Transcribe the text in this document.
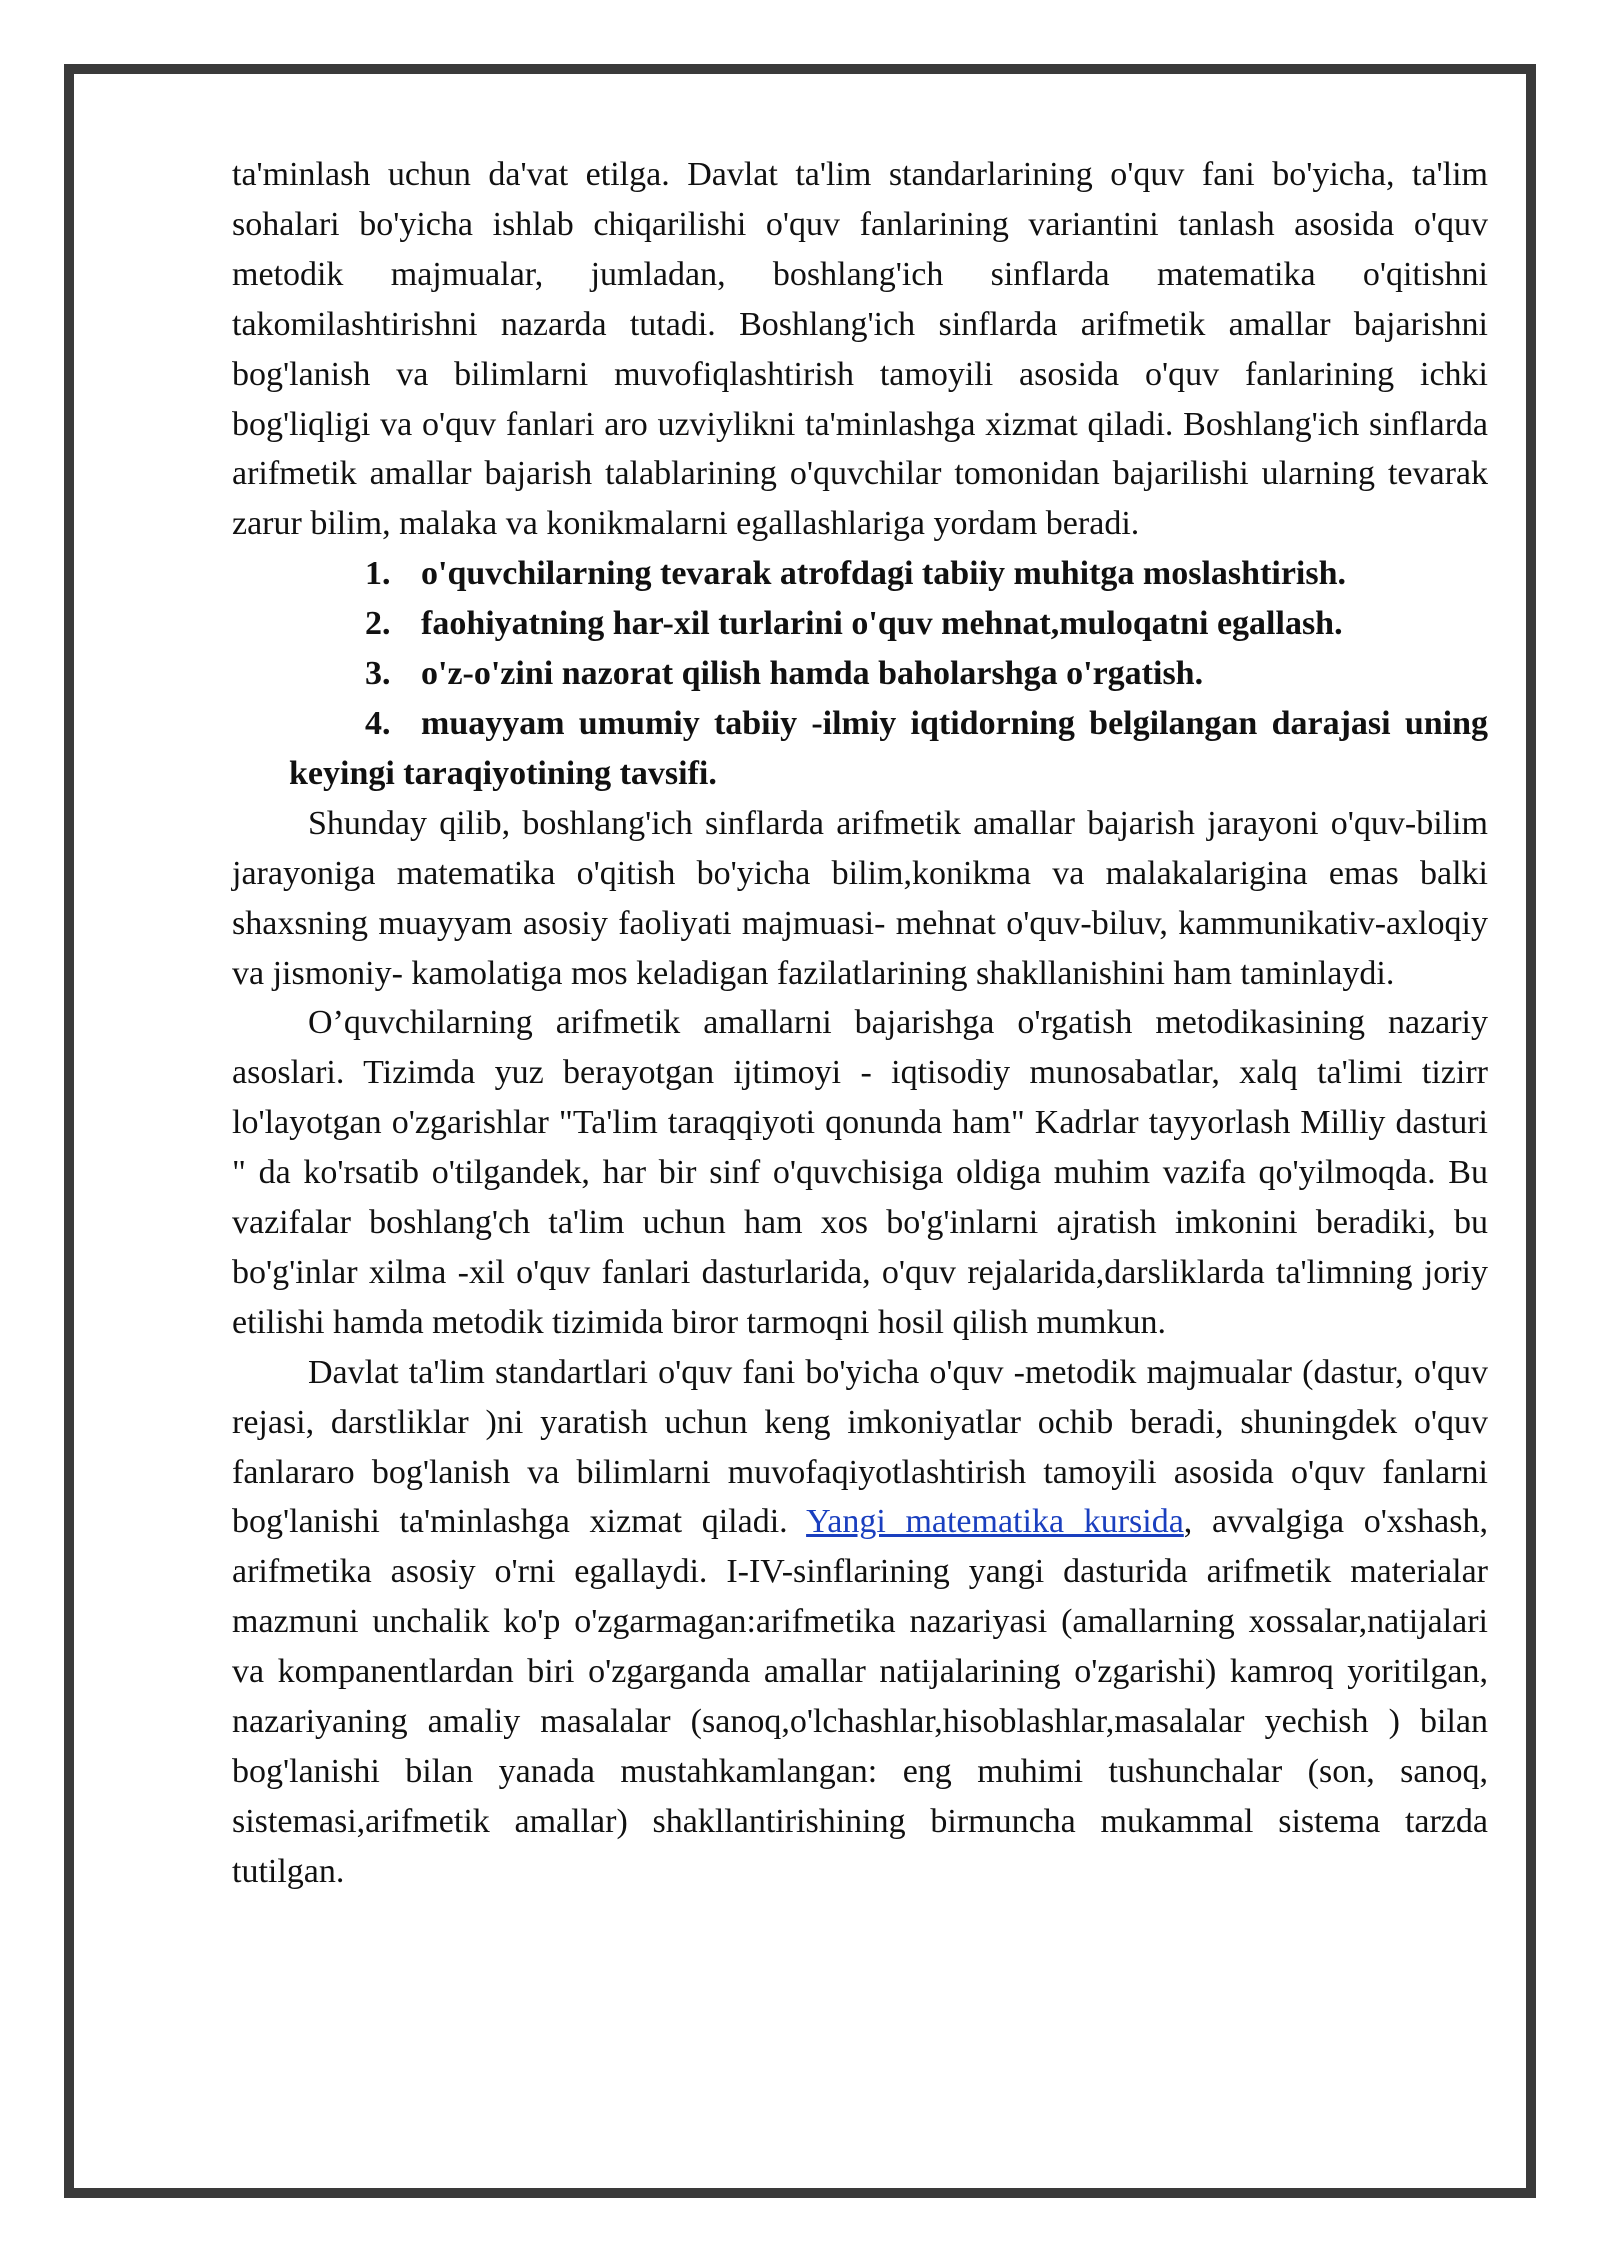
ta'minlash uchun da'vat etilga. Davlat ta'lim standarlarining o'quv fani bo'yicha, ta'lim sohalari bo'yicha ishlab chiqarilishi o'quv fanlarining variantini tanlash asosida o'quv metodik majmualar, jumladan, boshlang'ich sinflarda matematika o'qitishni takomilashtirishni nazarda tutadi. Boshlang'ich sinflarda arifmetik amallar bajarishni bog'lanish va bilimlarni muvofiqlashtirish tamoyili asosida o'quv fanlarining ichki bog'liqligi va o'quv fanlari aro uzviylikni ta'minlashga xizmat qiladi. Boshlang'ich sinflarda arifmetik amallar bajarish talablarining o'quvchilar tomonidan bajarilishi ularning tevarak zarur bilim, malaka va konikmalarni egallashlariga yordam beradi.

1. o'quvchilarning tevarak atrofdagi tabiiy muhitga moslashtirish.
2. faohiyatning har-xil turlarini o'quv mehnat,muloqatni egallash.
3. o'z-o'zini nazorat qilish hamda baholarshga o'rgatish.
4. muayyam umumiy tabiiy -ilmiy iqtidorning belgilangan darajasi uning keyingi taraqiyotining tavsifi.

Shunday qilib, boshlang'ich sinflarda arifmetik amallar bajarish jarayoni o'quv-bilim jarayoniga matematika o'qitish bo'yicha bilim,konikma va malakalarigina emas balki shaxsning muayyam asosiy faoliyati majmuasi- mehnat o'quv-biluv, kammunikativ-axloqiy va jismoniy- kamolatiga mos keladigan fazilatlarining shakllanishini ham taminlaydi.

O’quvchilarning arifmetik amallarni bajarishga o'rgatish metodikasining nazariy asoslari. Tizimda yuz berayotgan ijtimoyi - iqtisodiy munosabatlar, xalq ta'limi tizirr lo'layotgan o'zgarishlar "Ta'lim taraqqiyoti qonunda ham" Kadrlar tayyorlash Milliy dasturi " da ko'rsatib o'tilgandek, har bir sinf o'quvchisiga oldiga muhim vazifa qo'yilmoqda. Bu vazifalar boshlang'ch ta'lim uchun ham xos bo'g'inlarni ajratish imkonini beradiki, bu bo'g'inlar xilma -xil o'quv fanlari dasturlarida, o'quv rejalarida,darsliklarda ta'limning joriy etilishi hamda metodik tizimida biror tarmoqni hosil qilish mumkun.

Davlat ta'lim standartlari o'quv fani bo'yicha o'quv -metodik majmualar (dastur, o'quv rejasi, darstliklar )ni yaratish uchun keng imkoniyatlar ochib beradi, shuningdek o'quv fanlararo bog'lanish va bilimlarni muvofaqiyotlashtirish tamoyili asosida o'quv fanlarni bog'lanishi ta'minlashga xizmat qiladi. Yangi matematika kursida, avvalgiga o'xshash, arifmetika asosiy o'rni egallaydi. I-IV-sinflarining yangi dasturida arifmetik materialar mazmuni unchalik ko'p o'zgarmagan:arifmetika nazariyasi (amallarning xossalar,natijalari va kompanentlardan biri o'zgarganda amallar natijalarining o'zgarishi) kamroq yoritilgan, nazariyaning amaliy masalalar (sanoq,o'lchashlar,hisoblashlar,masalalar yechish ) bilan bog'lanishi bilan yanada mustahkamlangan: eng muhimi tushunchalar (son, sanoq, sistemasi,arifmetik amallar) shakllantirishining birmuncha mukammal sistema tarzda tutilgan.
